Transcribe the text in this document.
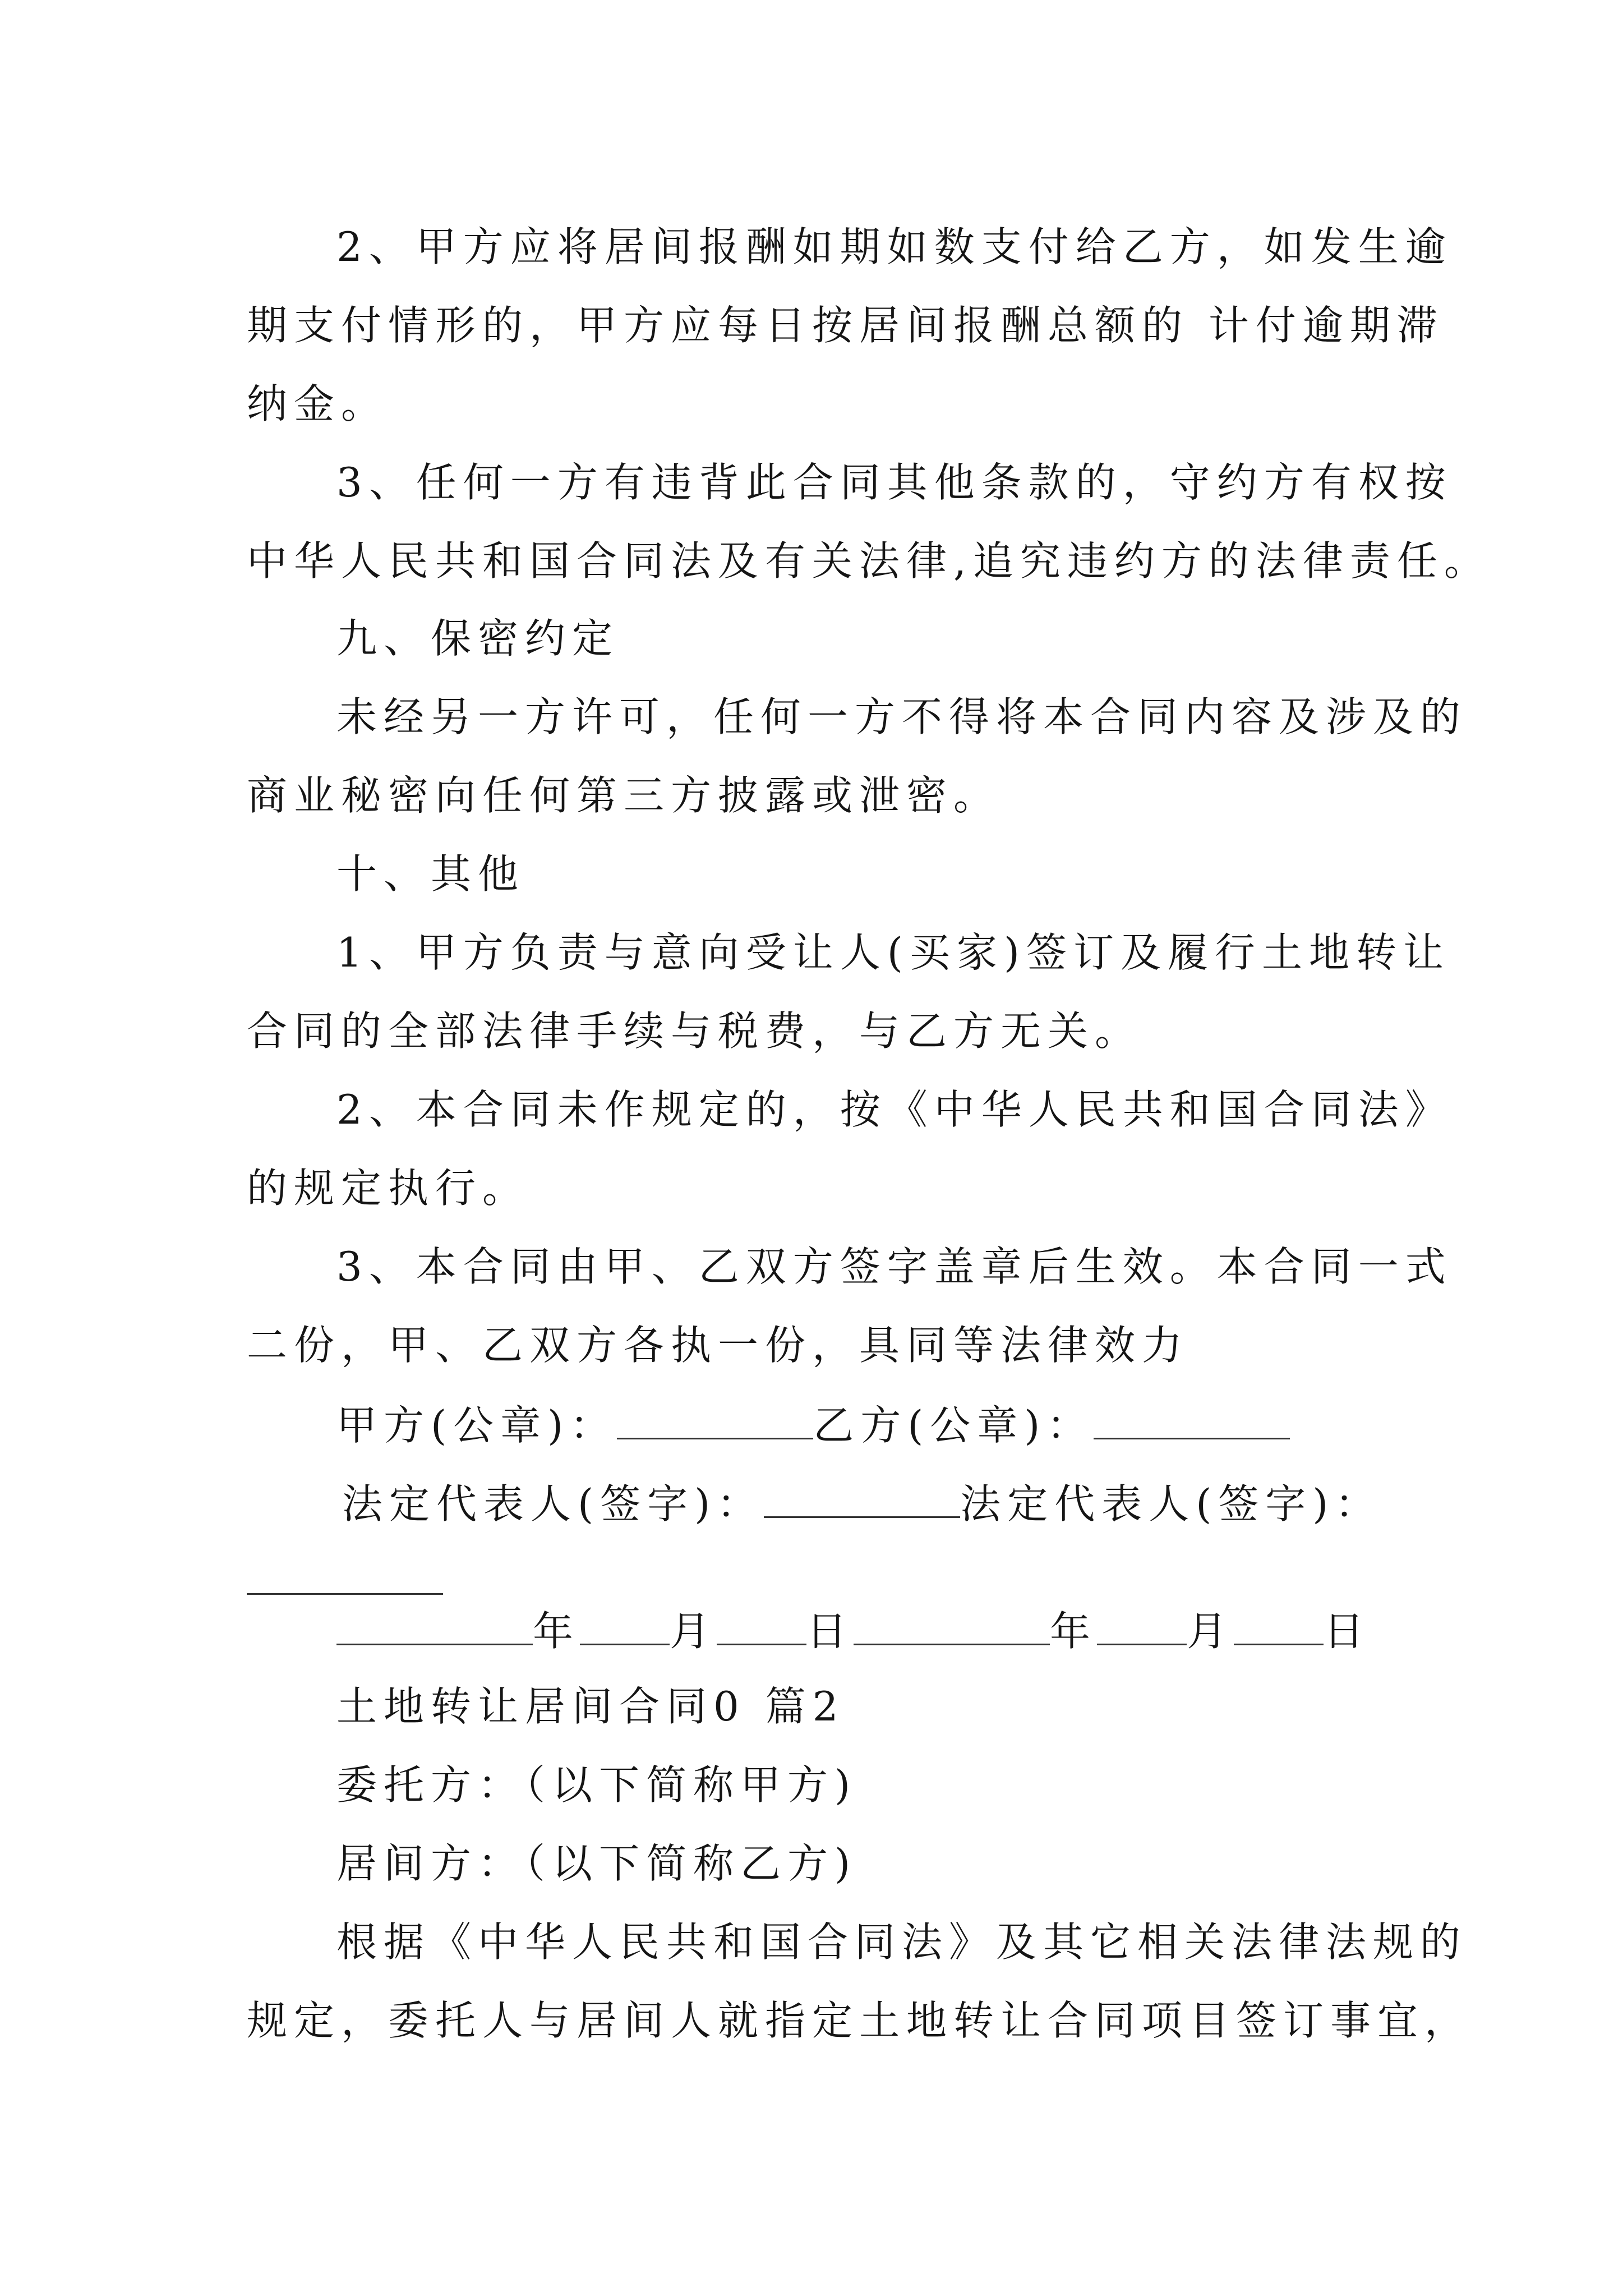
2、甲方应将居间报酬如期如数支付给乙方，如发生逾
期支付情形的，甲方应每日按居间报酬总额的 计付逾期滞
纳金。
3、任何一方有违背此合同其他条款的，守约方有权按
中华人民共和国合同法及有关法律,追究违约方的法律责任。
九、保密约定
未经另一方许可，任何一方不得将本合同内容及涉及的
商业秘密向任何第三方披露或泄密。
十、其他
1、甲方负责与意向受让人(买家)签订及履行土地转让
合同的全部法律手续与税费，与乙方无关。
2、本合同未作规定的，按《中华人民共和国合同法》
的规定执行。
3、本合同由甲、乙双方签字盖章后生效。本合同一式
二份，甲、乙双方各执一份，具同等法律效力
甲方(公章)：	乙方(公章)：
法定代表人(签字)：	法定代表人(签字)：
年 月 日	年 月 日
土地转让居间合同0 篇2
委托方：（以下简称甲方)
居间方：（以下简称乙方)
根据《中华人民共和国合同法》及其它相关法律法规的
规定，委托人与居间人就指定土地转让合同项目签订事宜，
